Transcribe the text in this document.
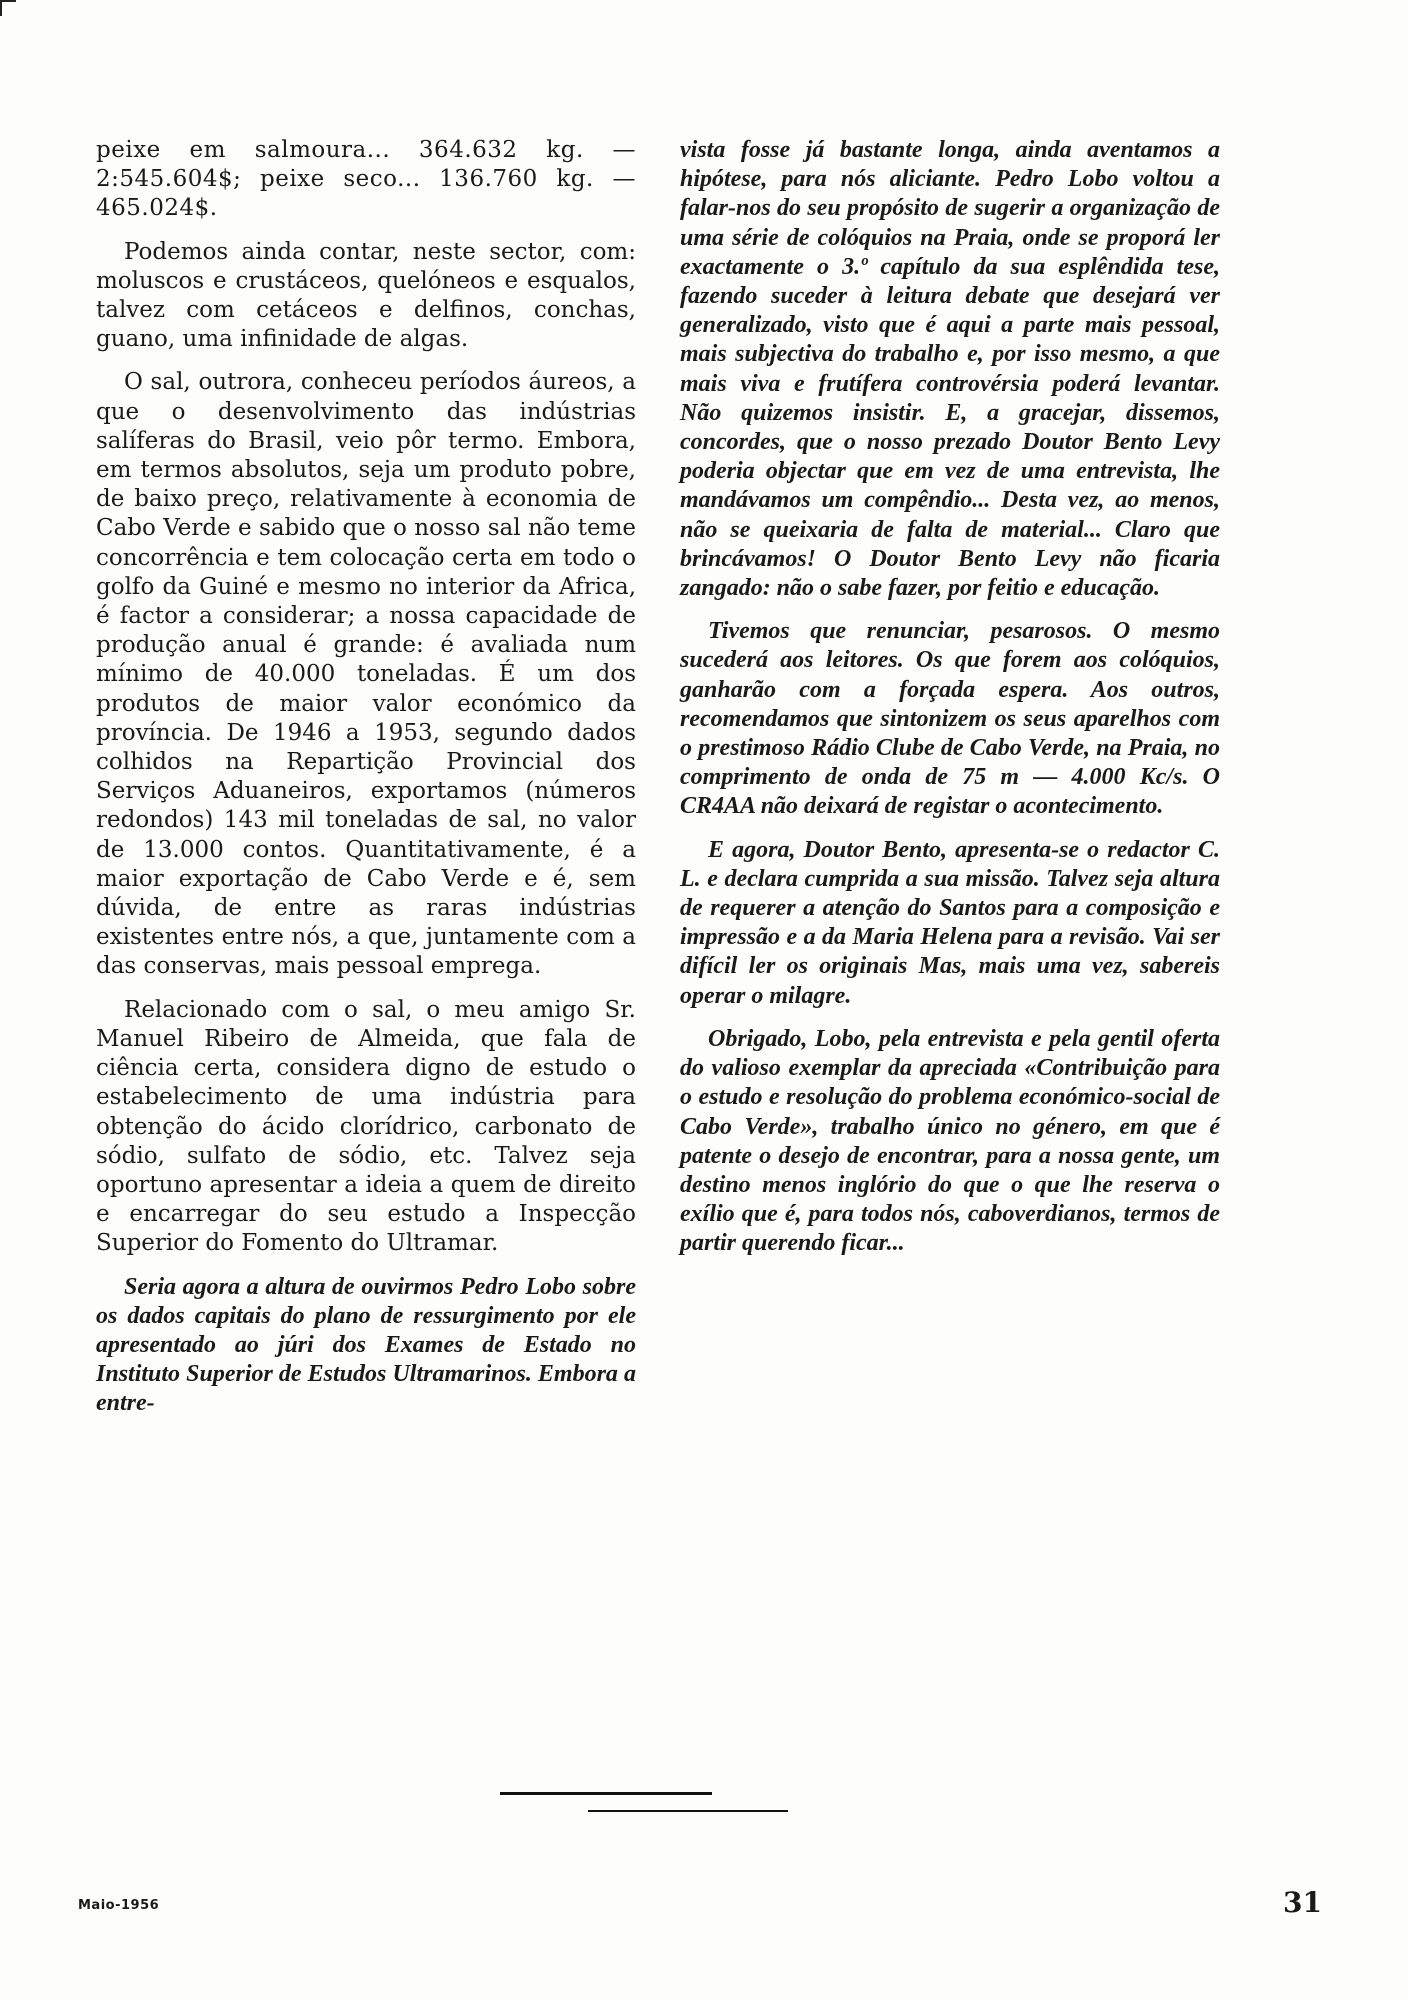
peixe em salmoura... 364.632 kg. — 2:545.604$; peixe seco... 136.760 kg. — 465.024$.

Podemos ainda contar, neste sector, com: moluscos e crustáceos, quelóneos e esqualos, talvez com cetáceos e delfinos, conchas, guano, uma infinidade de algas.

O sal, outrora, conheceu períodos áureos, a que o desenvolvimento das indústrias salíferas do Brasil, veio pôr termo. Embora, em termos absolutos, seja um produto pobre, de baixo preço, relativamente à economia de Cabo Verde e sabido que o nosso sal não teme concorrência e tem colocação certa em todo o golfo da Guiné e mesmo no interior da Africa, é factor a considerar; a nossa capacidade de produção anual é grande: é avaliada num mínimo de 40.000 toneladas. É um dos produtos de maior valor económico da província. De 1946 a 1953, segundo dados colhidos na Repartição Provincial dos Serviços Aduaneiros, exportamos (números redondos) 143 mil toneladas de sal, no valor de 13.000 contos. Quantitativamente, é a maior exportação de Cabo Verde e é, sem dúvida, de entre as raras indústrias existentes entre nós, a que, juntamente com a das conservas, mais pessoal emprega.

Relacionado com o sal, o meu amigo Sr. Manuel Ribeiro de Almeida, que fala de ciência certa, considera digno de estudo o estabelecimento de uma indústria para obtenção do ácido clorídrico, carbonato de sódio, sulfato de sódio, etc. Talvez seja oportuno apresentar a ideia a quem de direito e encarregar do seu estudo a Inspecção Superior do Fomento do Ultramar.

Seria agora a altura de ouvirmos Pedro Lobo sobre os dados capitais do plano de ressurgimento por ele apresentado ao júri dos Exames de Estado no Instituto Superior de Estudos Ultramarinos. Embora a entre-

vista fosse já bastante longa, ainda aventamos a hipótese, para nós aliciante. Pedro Lobo voltou a falar-nos do seu propósito de sugerir a organização de uma série de colóquios na Praia, onde se proporá ler exactamente o 3.º capítulo da sua esplêndida tese, fazendo suceder à leitura debate que desejará ver generalizado, visto que é aqui a parte mais pessoal, mais subjectiva do trabalho e, por isso mesmo, a que mais viva e frutífera controvérsia poderá levantar. Não quizemos insistir. E, a gracejar, dissemos, concordes, que o nosso prezado Doutor Bento Levy poderia objectar que em vez de uma entrevista, lhe mandávamos um compêndio... Desta vez, ao menos, não se queixaria de falta de material... Claro que brincávamos! O Doutor Bento Levy não ficaria zangado: não o sabe fazer, por feitio e educação.

Tivemos que renunciar, pesarosos. O mesmo sucederá aos leitores. Os que forem aos colóquios, ganharão com a forçada espera. Aos outros, recomendamos que sintonizem os seus aparelhos com o prestimoso Rádio Clube de Cabo Verde, na Praia, no comprimento de onda de 75 m — 4.000 Kc/s. O CR4AA não deixará de registar o acontecimento.

E agora, Doutor Bento, apresenta-se o redactor C. L. e declara cumprida a sua missão. Talvez seja altura de requerer a atenção do Santos para a composição e impressão e a da Maria Helena para a revisão. Vai ser difícil ler os originais Mas, mais uma vez, sabereis operar o milagre.

Obrigado, Lobo, pela entrevista e pela gentil oferta do valioso exemplar da apreciada «Contribuição para o estudo e resolução do problema económico-social de Cabo Verde», trabalho único no género, em que é patente o desejo de encontrar, para a nossa gente, um destino menos inglório do que o que lhe reserva o exílio que é, para todos nós, caboverdianos, termos de partir querendo ficar...

Maio-1956	31
